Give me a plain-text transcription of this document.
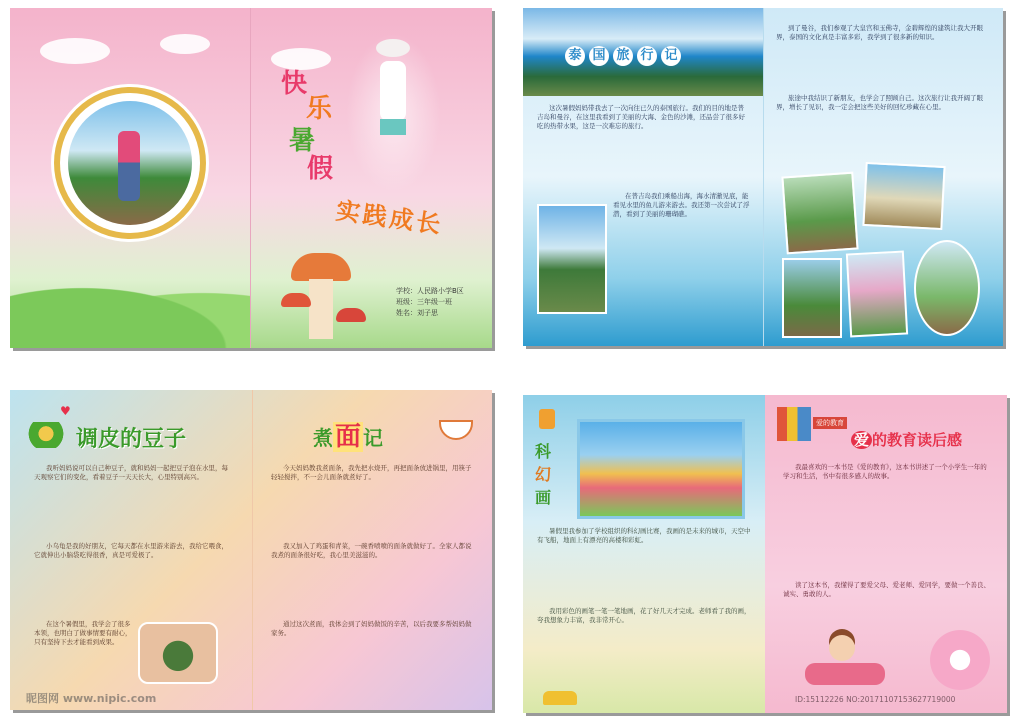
快
乐
暑
假
实践成长
学校：人民路小学B区
班级：三年级一班
姓名：刘子思
泰 国 旅 行 记

这次暑假妈妈带我去了一次向往已久的泰国旅行。我们的目的地是普吉岛和曼谷，在这里我看到了美丽的大海、金色的沙滩，还品尝了很多好吃的热带水果，这是一次难忘的旅行。

在普吉岛我们乘船出海，海水清澈见底，能看见水里的鱼儿游来游去。我还第一次尝试了浮潜，看到了美丽的珊瑚礁。

到了曼谷，我们参观了大皇宫和玉佛寺，金碧辉煌的建筑让我大开眼界，泰国的文化真是丰富多彩，我学到了很多新的知识。

旅途中我结识了新朋友，也学会了照顾自己。这次旅行让我开阔了眼界，增长了见识，我一定会把这些美好的回忆珍藏在心里。

♥
调皮的豆子

我听妈妈说可以自己种豆子，就和妈妈一起把豆子泡在水里，每天观察它们的变化，看着豆子一天天长大，心里特别高兴。

小乌龟是我的好朋友，它每天都在水里游来游去，我给它喂食，它就伸出小脑袋吃得很香，真是可爱极了。

在这个暑假里，我学会了很多本领，也明白了做事情要有耐心，只有坚持下去才能看到成果。

昵图网 www.nipic.com
煮面 记

今天妈妈教我煮面条，我先把水烧开，再把面条放进锅里，用筷子轻轻搅拌，不一会儿面条就煮好了。

我又加入了鸡蛋和青菜，一碗香喷喷的面条就做好了。全家人都说我煮的面条很好吃，我心里美滋滋的。

通过这次煮面，我体会到了妈妈做饭的辛苦，以后我要多帮妈妈做家务。

科
幻
画

暑假里我参加了学校组织的科幻画比赛，我画的是未来的城市，天空中有飞船，地面上有漂亮的高楼和彩虹。

我用彩色的画笔一笔一笔地画，花了好几天才完成。老师看了我的画，夸我想象力丰富，我非常开心。

爱的教育
爱 的教育读后感

我最喜欢的一本书是《爱的教育》，这本书讲述了一个小学生一年的学习和生活，书中有很多感人的故事。

读了这本书，我懂得了要爱父母、爱老师、爱同学，要做一个善良、诚实、勇敢的人。

ID:15112226 NO:20171107153627719000
